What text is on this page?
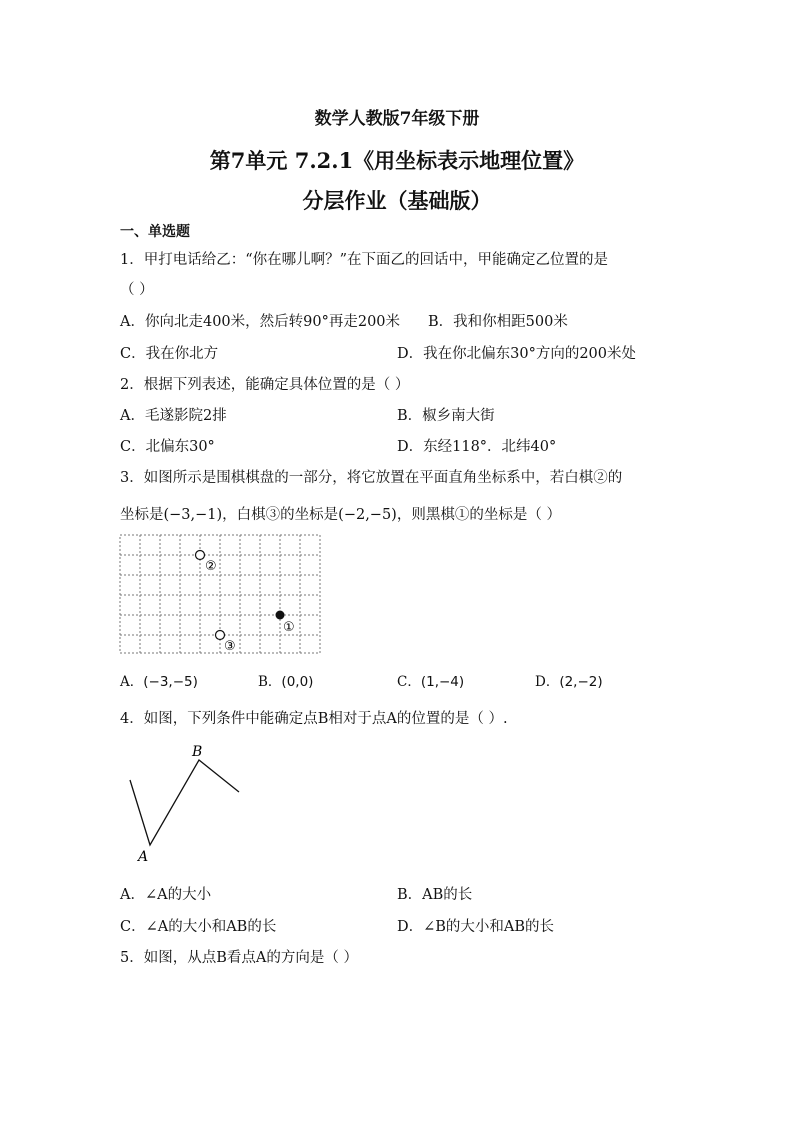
数学人教版7年级下册
第7单元 7.2.1《用坐标表示地理位置》
分层作业（基础版）
一、单选题
1．甲打电话给乙：“你在哪儿啊？”在下面乙的回话中，甲能确定乙位置的是
（ ）
A．你向北走400米，然后转90°再走200米 B．我和你相距500米
C．我在你北方	D．我在你北偏东30°方向的200米处
2．根据下列表述，能确定具体位置的是（ ）
A．毛遂影院2排	B．椒乡南大街
C．北偏东30°	D．东经118°．北纬40°
3．如图所示是围棋棋盘的一部分，将它放置在平面直角坐标系中，若白棋②的
坐标是(−3,−1)，白棋③的坐标是(−2,−5)，则黑棋①的坐标是（ ）
②
①
③
A．(−3,−5)	B．(0,0)	C．(1,−4)	D．(2,−2)
4．如图，下列条件中能确定点B相对于点A的位置的是（ ）.
B
A
A．∠A的大小	B．AB的长
C．∠A的大小和AB的长	D．∠B的大小和AB的长
5．如图，从点B看点A的方向是（ ）
